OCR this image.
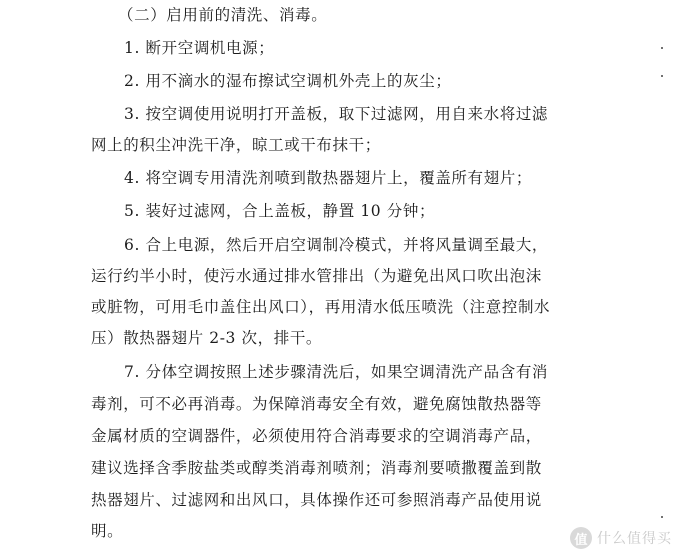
（二）启用前的清洗、消毒。
1. 断开空调机电源；
2. 用不滴水的湿布擦试空调机外壳上的灰尘；
3. 按空调使用说明打开盖板，取下过滤网，用自来水将过滤
网上的积尘冲洗干净，晾工或干布抹干；
4. 将空调专用清洗剂喷到散热器翅片上，覆盖所有翅片；
5. 装好过滤网，合上盖板，静置 10 分钟；
6. 合上电源，然后开启空调制冷模式，并将风量调至最大，
运行约半小时，使污水通过排水管排出（为避免出风口吹出泡沫
或脏物，可用毛巾盖住出风口），再用清水低压喷洗（注意控制水
压）散热器翅片 2-3 次，排干。
7. 分体空调按照上述步骤清洗后，如果空调清洗产品含有消
毒剂，可不必再消毒。为保障消毒安全有效，避免腐蚀散热器等
金属材质的空调器件，必须使用符合消毒要求的空调消毒产品，
建议选择含季胺盐类或醇类消毒剂喷剂；消毒剂要喷撒覆盖到散
热器翅片、过滤网和出风口，具体操作还可参照消毒产品使用说
明。	值 什么值得买
